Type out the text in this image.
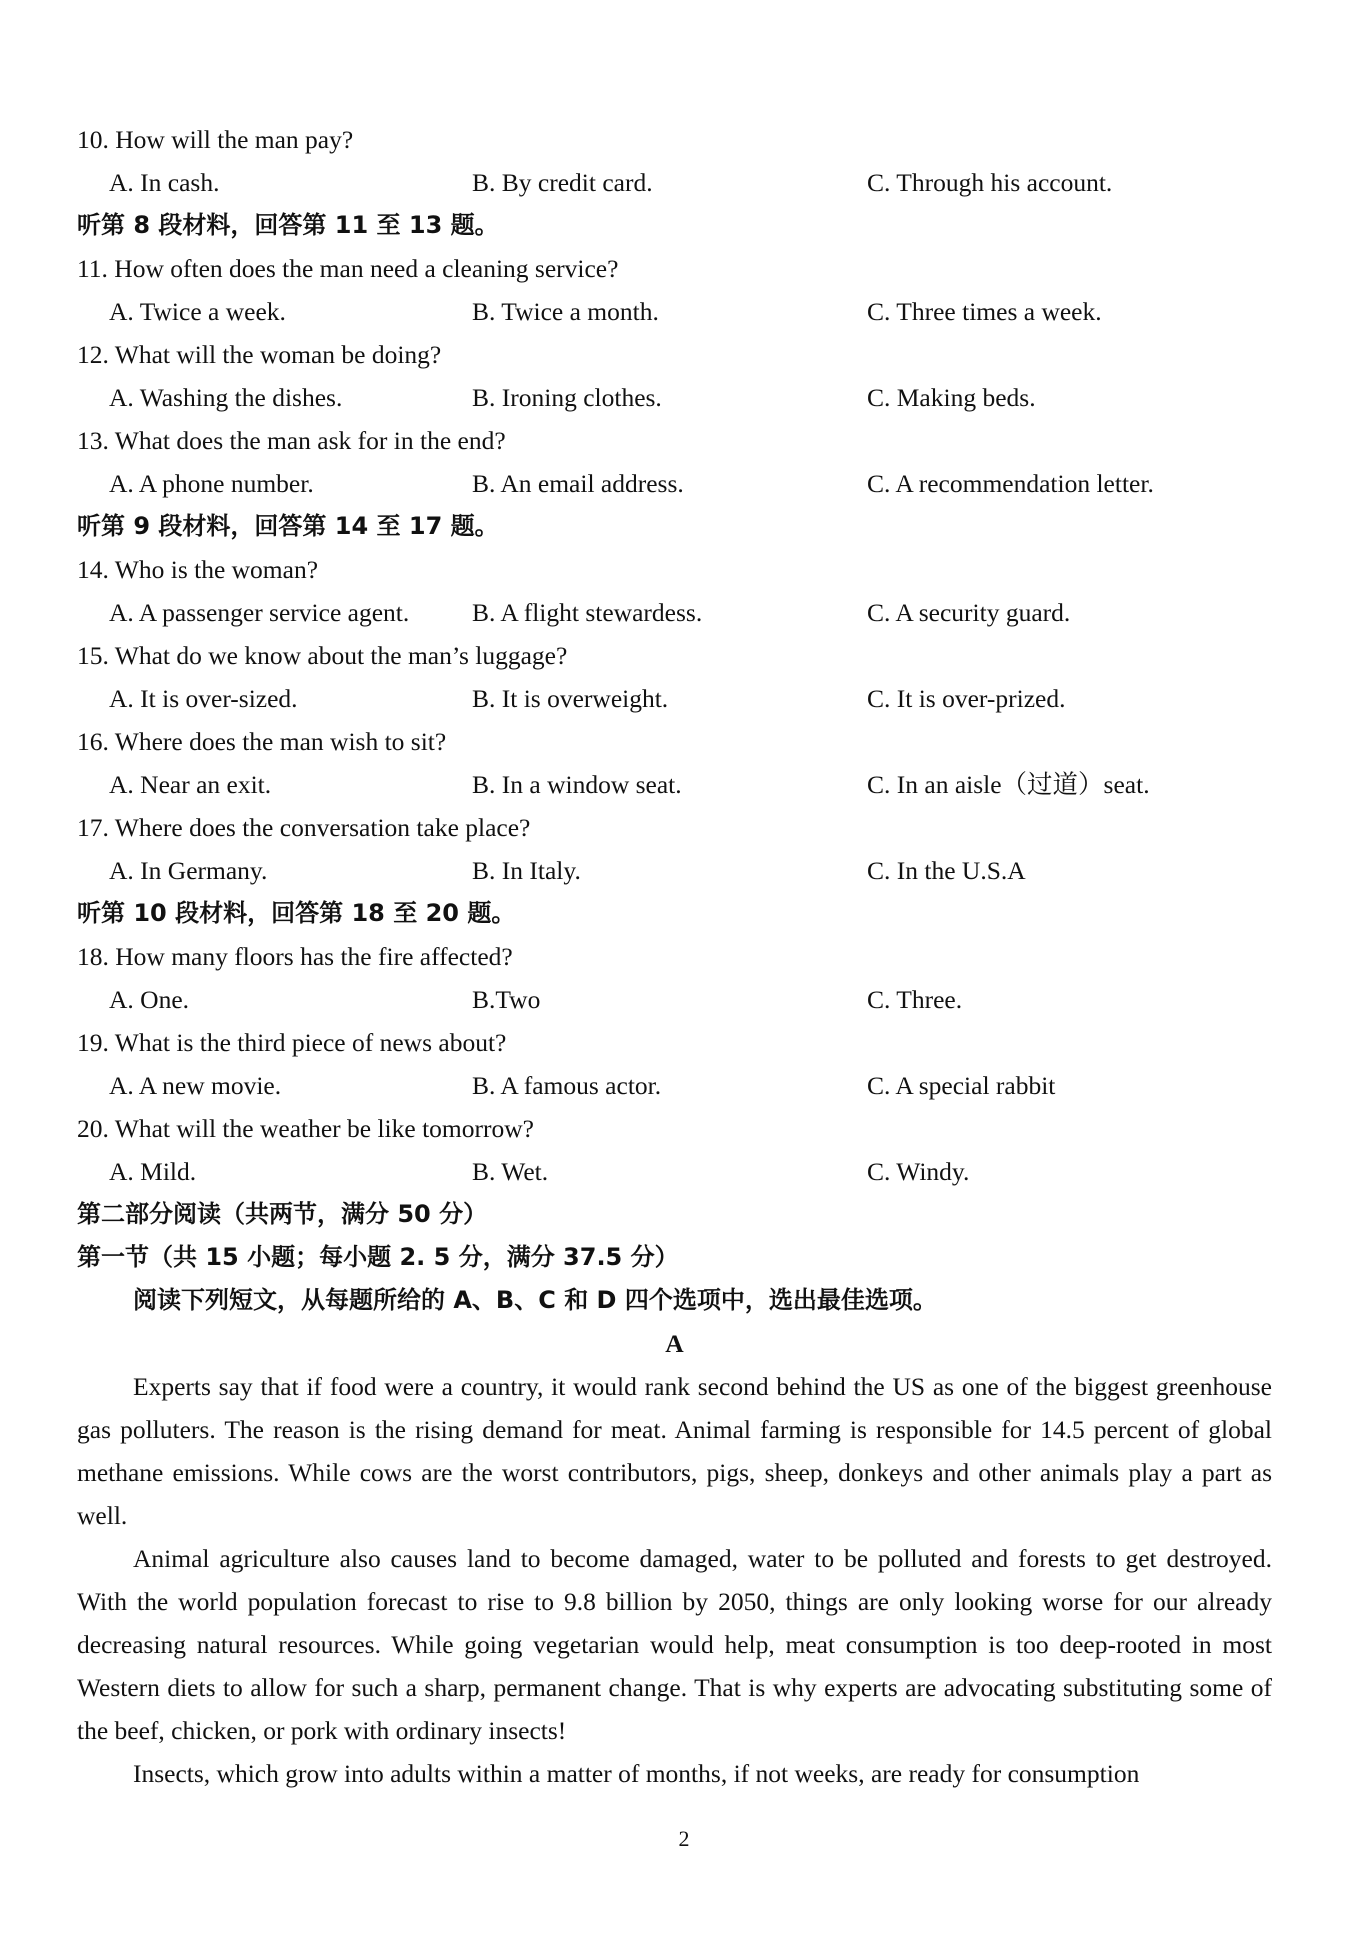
10. How will the man pay?
A. In cash.	B. By credit card.	C. Through his account.
听第 8 段材料，回答第 11 至 13 题。
11. How often does the man need a cleaning service?
A. Twice a week.	B. Twice a month.	C. Three times a week.
12. What will the woman be doing?
A. Washing the dishes.	B. Ironing clothes.	C. Making beds.
13. What does the man ask for in the end?
A. A phone number.	B. An email address.	C. A recommendation letter.
听第 9 段材料，回答第 14 至 17 题。
14. Who is the woman?
A. A passenger service agent. B. A flight stewardess.	C. A security guard.
15. What do we know about the man’s luggage?
A. It is over-sized.	B. It is overweight.	C. It is over-prized.
16. Where does the man wish to sit?
A. Near an exit.	B. In a window seat.	C. In an aisle（过道）seat.
17. Where does the conversation take place?
A. In Germany.	B. In Italy.	C. In the U.S.A
听第 10 段材料，回答第 18 至 20 题。
18. How many floors has the fire affected?
A. One.	B.Two	C. Three.
19. What is the third piece of news about?
A. A new movie.	B. A famous actor.	C. A special rabbit
20. What will the weather be like tomorrow?
A. Mild.	B. Wet.	C. Windy.
第二部分阅读（共两节，满分 50 分）
第一节（共 15 小题；每小题 2. 5 分，满分 37.5 分）
阅读下列短文，从每题所给的 A、B、C 和 D 四个选项中，选出最佳选项。
A

Experts say that if food were a country, it would rank second behind the US as one of the biggest greenhouse gas polluters. The reason is the rising demand for meat. Animal farming is responsible for 14.5 percent of global methane emissions. While cows are the worst contributors, pigs, sheep, donkeys and other animals play a part as well.

Animal agriculture also causes land to become damaged, water to be polluted and forests to get destroyed. With the world population forecast to rise to 9.8 billion by 2050, things are only looking worse for our already decreasing natural resources. While going vegetarian would help, meat consumption is too deep-rooted in most Western diets to allow for such a sharp, permanent change. That is why experts are advocating substituting some of the beef, chicken, or pork with ordinary insects!

Insects, which grow into adults within a matter of months, if not weeks, are ready for consumption

2
